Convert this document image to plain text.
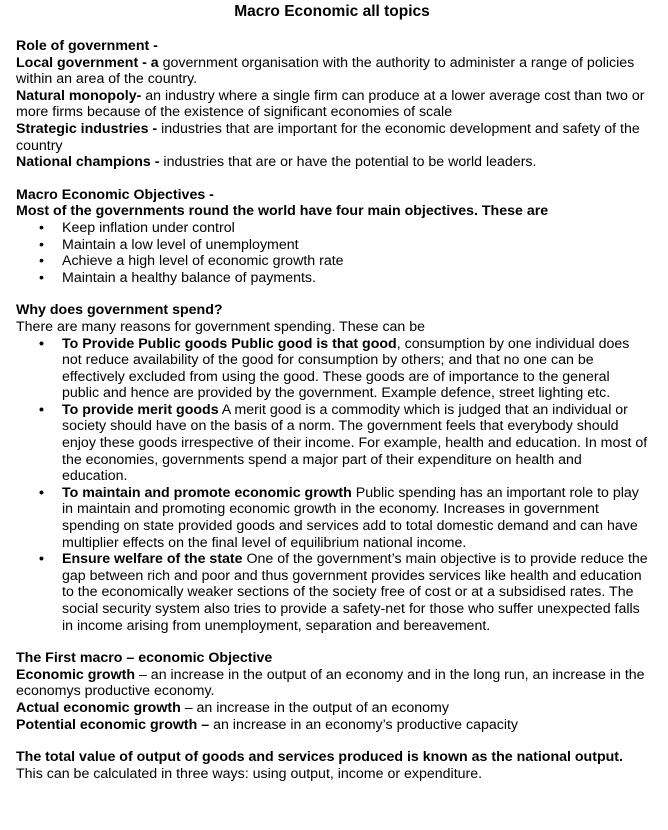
Macro Economic all topics
Role of government -

Local government - a government organisation with the authority to administer a range of policies within an area of the country.

Natural monopoly- an industry where a single firm can produce at a lower average cost than two or more firms because of the existence of significant economies of scale

Strategic industries - industries that are important for the economic development and safety of the country

National champions - industries that are or have the potential to be world leaders.

Macro Economic Objectives -
Most of the governments round the world have four main objectives. These are
• Keep inflation under control
• Maintain a low level of unemployment
• Achieve a high level of economic growth rate
• Maintain a healthy balance of payments.
Why does government spend?

There are many reasons for government spending. These can be

• To Provide Public goods Public good is that good, consumption by one individual does not reduce availability of the good for consumption by others; and that no one can be effectively excluded from using the good. These goods are of importance to the general public and hence are provided by the government. Example defence, street lighting etc.
• To provide merit goods A merit good is a commodity which is judged that an individual or society should have on the basis of a norm. The government feels that everybody should enjoy these goods irrespective of their income. For example, health and education. In most of the economies, governments spend a major part of their expenditure on health and education.
• To maintain and promote economic growth Public spending has an important role to play in maintain and promoting economic growth in the economy. Increases in government spending on state provided goods and services add to total domestic demand and can have multiplier effects on the final level of equilibrium national income.
• Ensure welfare of the state One of the government’s main objective is to provide reduce the gap between rich and poor and thus government provides services like health and education to the economically weaker sections of the society free of cost or at a subsidised rates. The social security system also tries to provide a safety-net for those who suffer unexpected falls in income arising from unemployment, separation and bereavement.
The First macro – economic Objective

Economic growth – an increase in the output of an economy and in the long run, an increase in the economys productive economy.

Actual economic growth – an increase in the output of an economy

Potential economic growth – an increase in an economy’s productive capacity

The total value of output of goods and services produced is known as the national output. This can be calculated in three ways: using output, income or expenditure.
